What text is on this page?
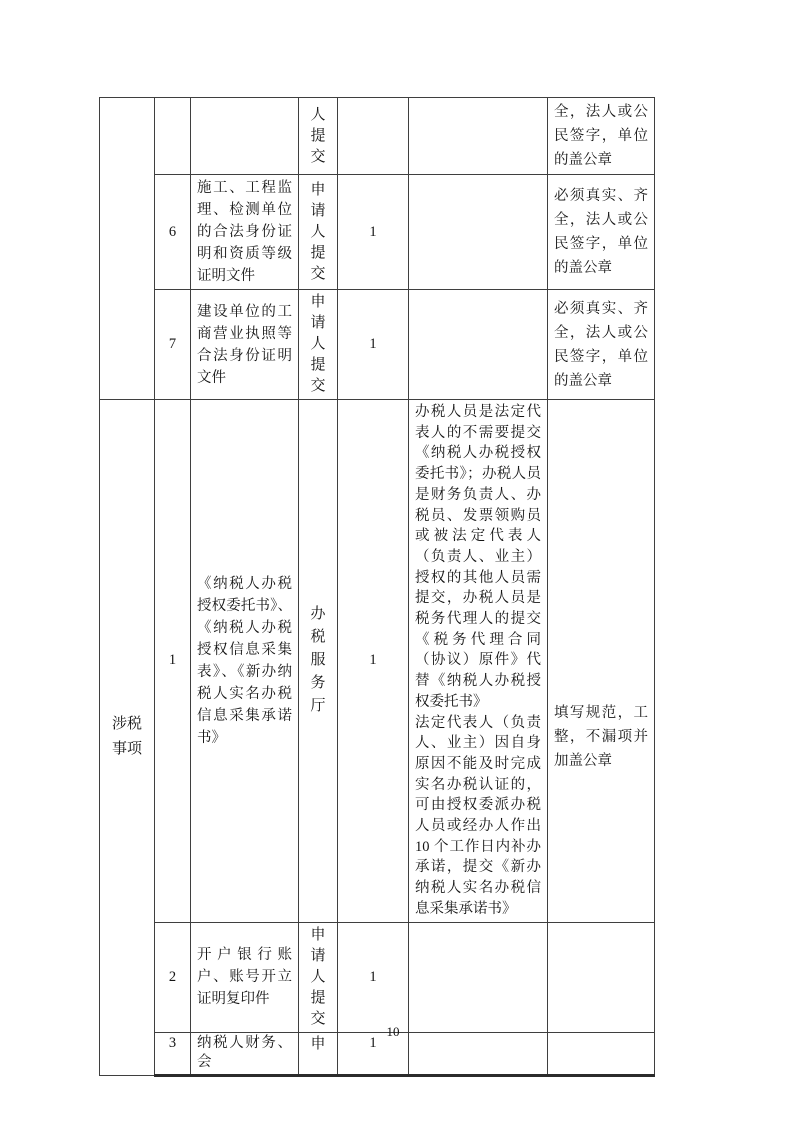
			人提交			全，法人或公民签字，单位的盖公章
	6	施工、工程监理、检测单位的合法身份证明和资质等级证明文件	申请人提交	1		必须真实、齐全，法人或公民签字，单位的盖公章
	7	建设单位的工商营业执照等合法身份证明文件	申请人提交	1		必须真实、齐全，法人或公民签字，单位的盖公章

涉税事项	1	《纳税人办税授权委托书》、《纳税人办税授权信息采集表》、《新办纳税人实名办税信息采集承诺书》	办税服务厅	1	办税人员是法定代表人的不需要提交《纳税人办税授权委托书》；办税人员是财务负责人、办税员、发票领购员或被法定代表人（负责人、业主）授权的其他人员需提交，办税人员是税务代理人的提交《税务代理合同（协议）原件》代替《纳税人办税授权委托书》
法定代表人（负责人、业主）因自身原因不能及时完成实名办税认证的，可由授权委派办税人员或经办人作出 10 个工作日内补办承诺，提交《新办纳税人实名办税信息采集承诺书》	填写规范，工整，不漏项并加盖公章

	2	开户银行账户、账号开立证明复印件	申请人提交	1		
	3	纳税人财务、会	申	1		
10
